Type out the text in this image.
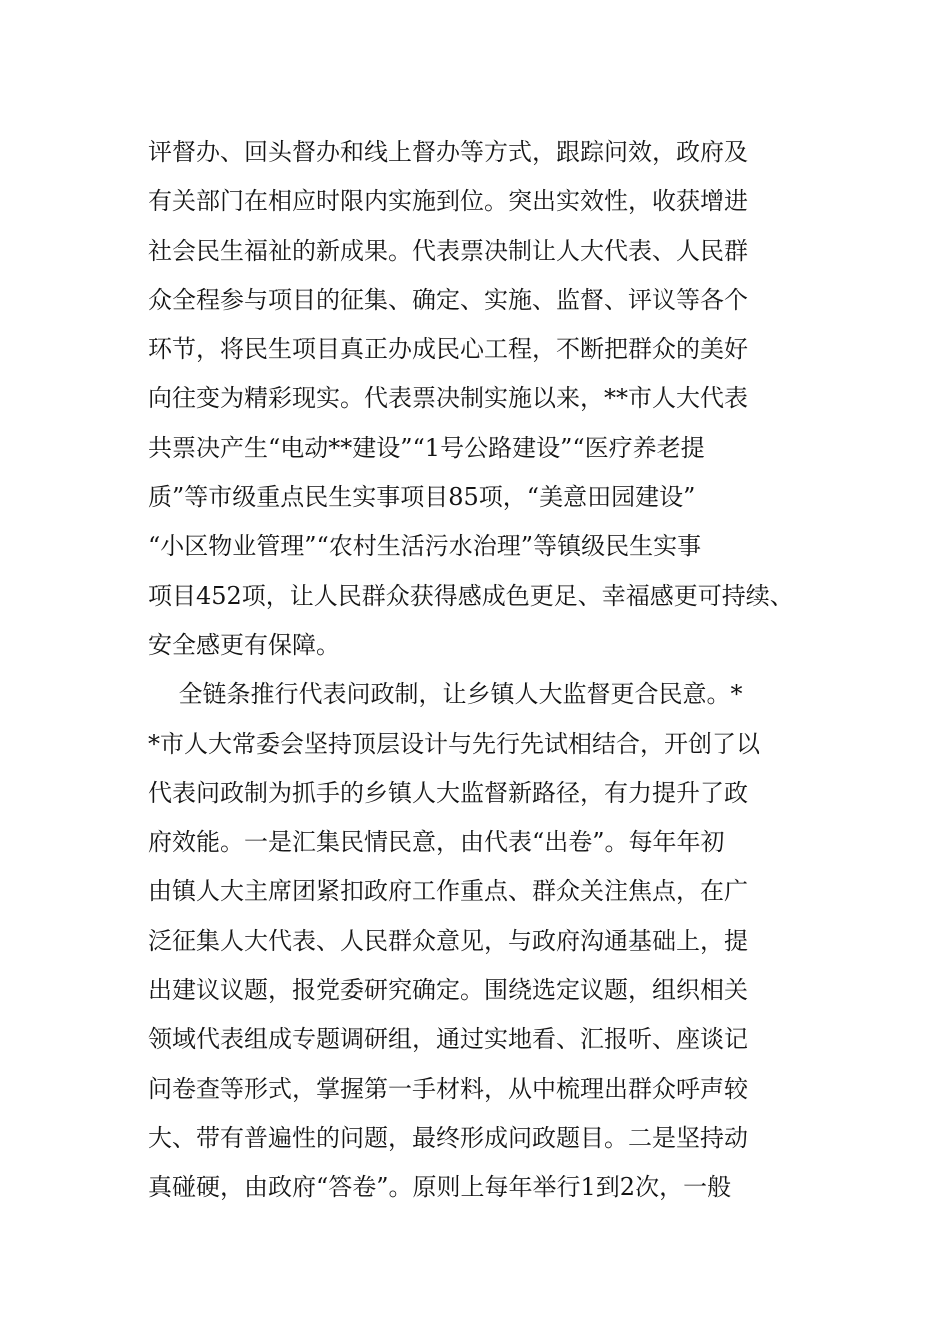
评督办、回头督办和线上督办等方式，跟踪问效，政府及
有关部门在相应时限内实施到位。突出实效性，收获增进
社会民生福祉的新成果。代表票决制让人大代表、人民群
众全程参与项目的征集、确定、实施、监督、评议等各个
环节，将民生项目真正办成民心工程，不断把群众的美好
向往变为精彩现实。代表票决制实施以来，**市人大代表
共票决产生“电动**建设”“1号公路建设”“医疗养老提
质”等市级重点民生实事项目85项，“美意田园建设”
“小区物业管理”“农村生活污水治理”等镇级民生实事
项目452项，让人民群众获得感成色更足、幸福感更可持续、
安全感更有保障。
全链条推行代表问政制，让乡镇人大监督更合民意。*
*市人大常委会坚持顶层设计与先行先试相结合，开创了以
代表问政制为抓手的乡镇人大监督新路径，有力提升了政
府效能。一是汇集民情民意，由代表“出卷”。每年年初
由镇人大主席团紧扣政府工作重点、群众关注焦点，在广
泛征集人大代表、人民群众意见，与政府沟通基础上，提
出建议议题，报党委研究确定。围绕选定议题，组织相关
领域代表组成专题调研组，通过实地看、汇报听、座谈记
问卷查等形式，掌握第一手材料，从中梳理出群众呼声较
大、带有普遍性的问题，最终形成问政题目。二是坚持动
真碰硬，由政府“答卷”。原则上每年举行1到2次，一般
